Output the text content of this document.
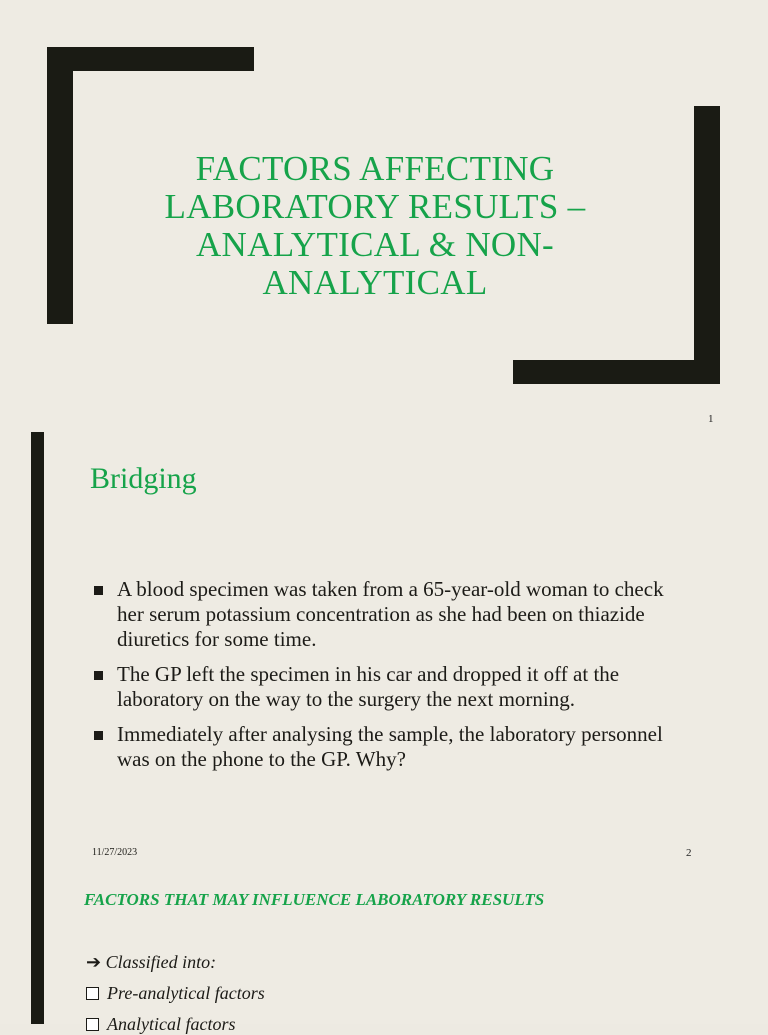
FACTORS AFFECTING LABORATORY RESULTS – ANALYTICAL & NON-ANALYTICAL
1
Bridging
A blood specimen was taken from a 65-year-old woman to check her serum potassium concentration as she had been on thiazide diuretics for some time.
The GP left the specimen in his car and dropped it off at the laboratory on the way to the surgery the next morning.
Immediately after analysing the sample, the laboratory personnel was on the phone to the GP. Why?
11/27/2023	2
FACTORS THAT MAY INFLUENCE LABORATORY RESULTS
➔ Classified into:
Pre-analytical factors
Analytical factors
